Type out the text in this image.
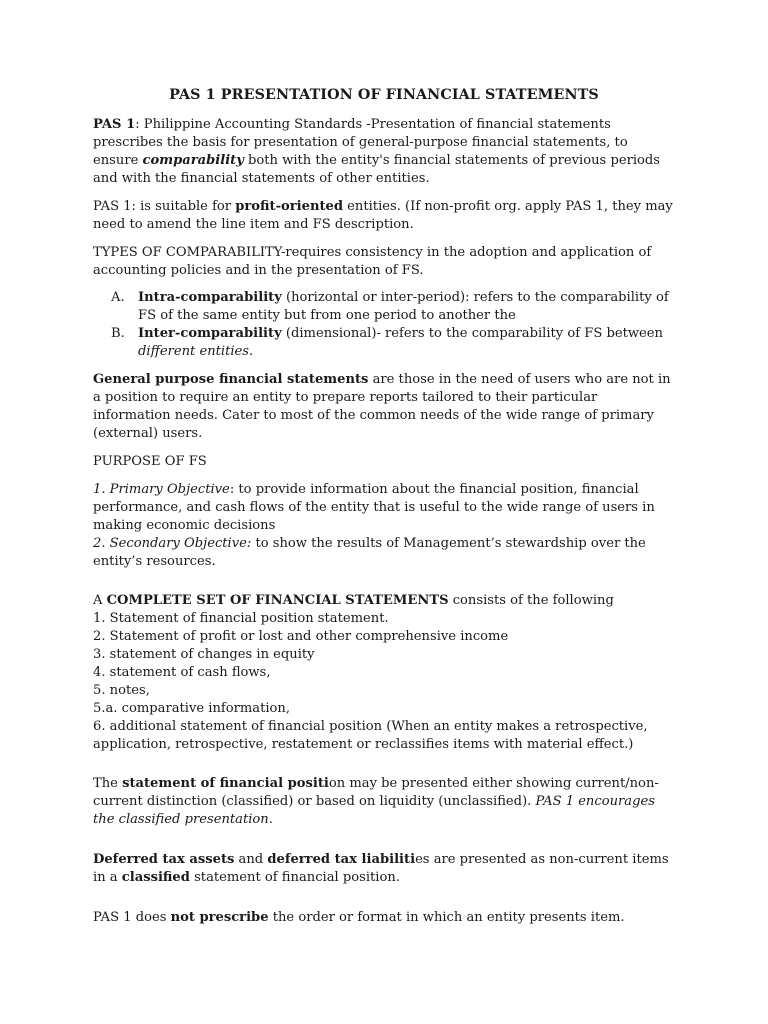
PAS 1 PRESENTATION OF FINANCIAL STATEMENTS

PAS 1: Philippine Accounting Standards -Presentation of financial statements prescribes the basis for presentation of general-purpose financial statements, to ensure comparability both with the entity's financial statements of previous periods and with the financial statements of other entities.

PAS 1: is suitable for profit-oriented entities. (If non-profit org. apply PAS 1, they may need to amend the line item and FS description.

TYPES OF COMPARABILITY-requires consistency in the adoption and application of accounting policies and in the presentation of FS.

A.	Intra-comparability (horizontal or inter-period): refers to the comparability of FS of the same entity but from one period to another the
B.	Inter-comparability (dimensional)- refers to the comparability of FS between different entities.

General purpose financial statements are those in the need of users who are not in a position to require an entity to prepare reports tailored to their particular information needs. Cater to most of the common needs of the wide range of primary (external) users.

PURPOSE OF FS

1. Primary Objective: to provide information about the financial position, financial performance, and cash flows of the entity that is useful to the wide range of users in making economic decisions

2. Secondary Objective: to show the results of Management’s stewardship over the entity’s resources.

A COMPLETE SET OF FINANCIAL STATEMENTS consists of the following

1. Statement of financial position statement.

2. Statement of profit or lost and other comprehensive income

3. statement of changes in equity

4. statement of cash flows,

5. notes,

5.a. comparative information,

6. additional statement of financial position (When an entity makes a retrospective, application, retrospective, restatement or reclassifies items with material effect.)

The statement of financial position may be presented either showing current/non-current distinction (classified) or based on liquidity (unclassified). PAS 1 encourages the classified presentation.

Deferred tax assets and deferred tax liabilities are presented as non-current items in a classified statement of financial position.

PAS 1 does not prescribe the order or format in which an entity presents item.
